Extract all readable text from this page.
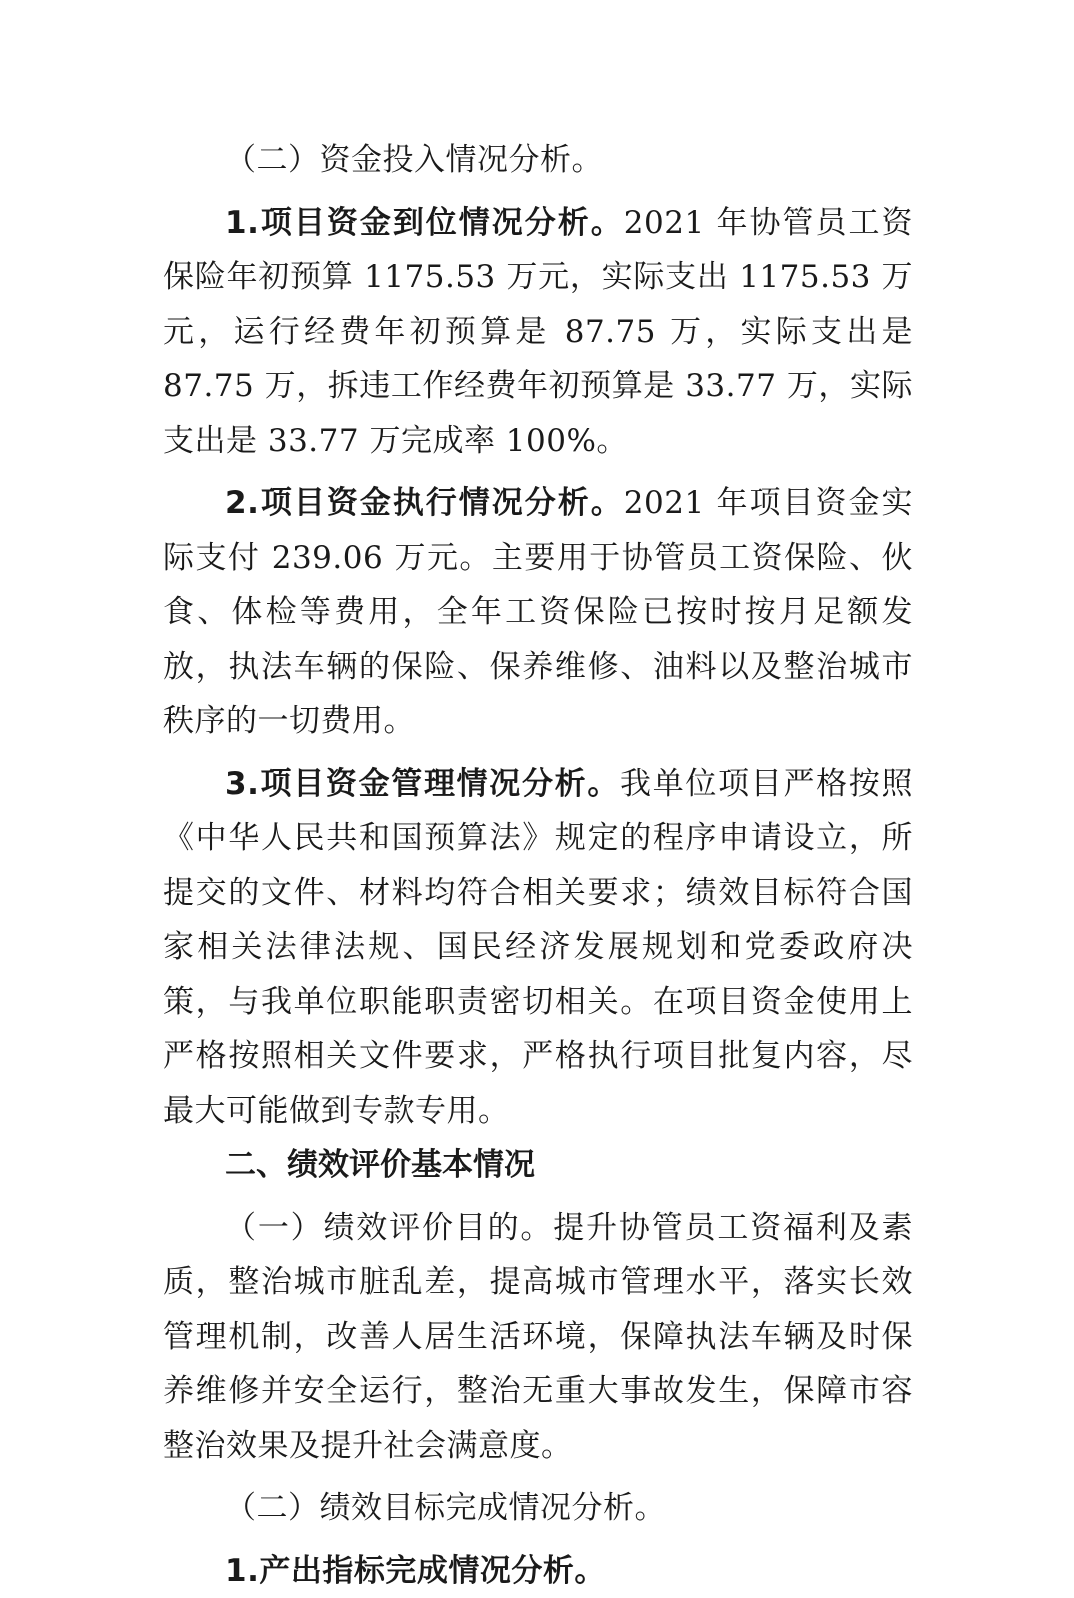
（二）资金投入情况分析。

1.项目资金到位情况分析。2021 年协管员工资保险年初预算 1175.53 万元，实际支出 1175.53 万元，运行经费年初预算是 87.75 万，实际支出是 87.75 万，拆违工作经费年初预算是 33.77 万，实际支出是 33.77 万完成率 100%。

2.项目资金执行情况分析。2021 年项目资金实际支付 239.06 万元。主要用于协管员工资保险、伙食、体检等费用，全年工资保险已按时按月足额发放，执法车辆的保险、保养维修、油料以及整治城市秩序的一切费用。

3.项目资金管理情况分析。我单位项目严格按照《中华人民共和国预算法》规定的程序申请设立，所提交的文件、材料均符合相关要求；绩效目标符合国家相关法律法规、国民经济发展规划和党委政府决策，与我单位职能职责密切相关。在项目资金使用上严格按照相关文件要求，严格执行项目批复内容，尽最大可能做到专款专用。

二、绩效评价基本情况

（一）绩效评价目的。提升协管员工资福利及素质，整治城市脏乱差，提高城市管理水平，落实长效管理机制，改善人居生活环境，保障执法车辆及时保养维修并安全运行，整治无重大事故发生，保障市容整治效果及提升社会满意度。

（二）绩效目标完成情况分析。

1.产出指标完成情况分析。
